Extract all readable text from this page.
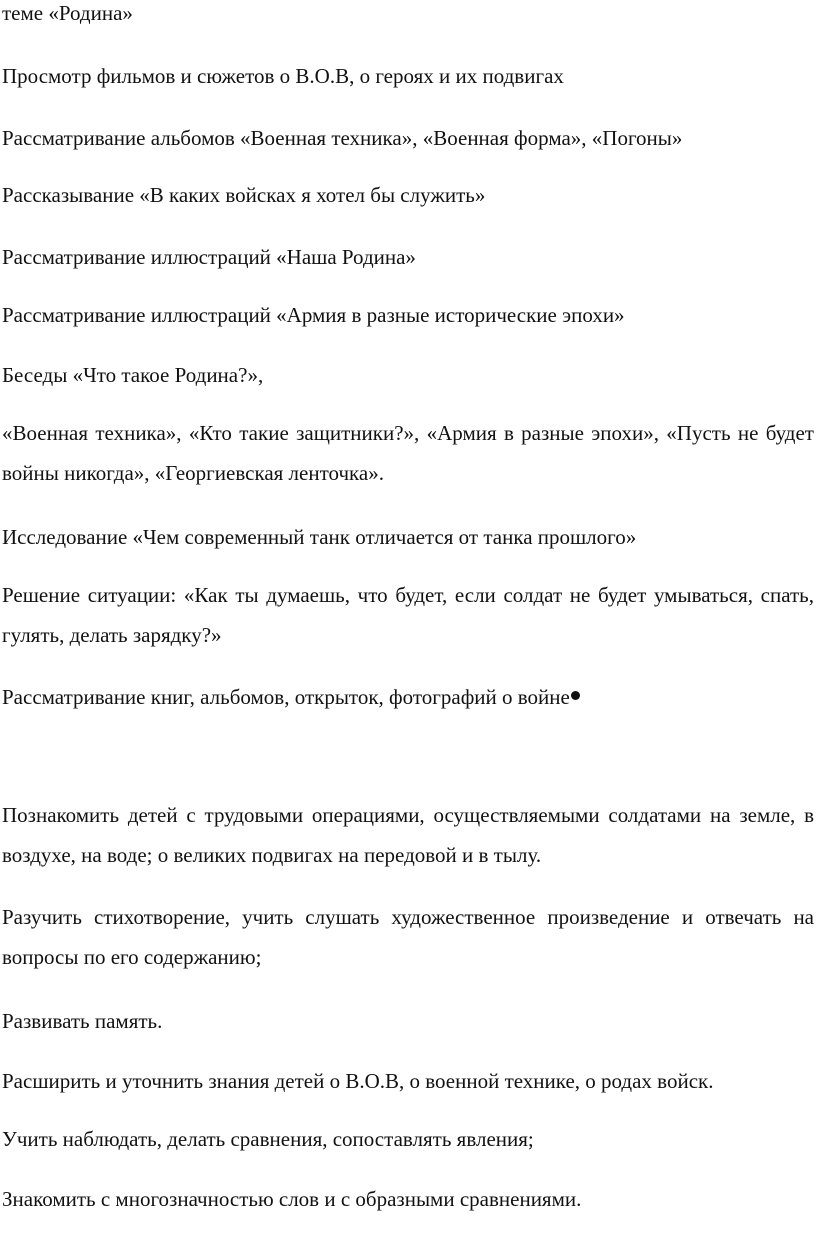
теме «Родина»

Просмотр фильмов и сюжетов о В.О.В, о героях и их подвигах

Рассматривание альбомов «Военная техника», «Военная форма», «Погоны»

Рассказывание «В каких войсках я хотел бы служить»

Рассматривание иллюстраций «Наша Родина»

Рассматривание иллюстраций «Армия в разные исторические эпохи»

Беседы «Что такое Родина?»,

«Военная техника», «Кто такие защитники?», «Армия в разные эпохи», «Пусть не будет войны никогда», «Георгиевская ленточка».

Исследование «Чем современный танк отличается от танка прошлого»

Решение ситуации: «Как ты думаешь, что будет, если солдат не будет умываться, спать, гулять, делать зарядку?»

Рассматривание книг, альбомов, открыток, фотографий о войне

Познакомить детей с трудовыми операциями, осуществляемыми солдатами на земле, в воздухе, на воде; о великих подвигах на передовой и в тылу.

Разучить стихотворение, учить слушать художественное произведение и отвечать на вопросы по его содержанию;

Развивать память.

Расширить и уточнить знания детей о В.О.В, о военной технике, о родах войск.

Учить наблюдать, делать сравнения, сопоставлять явления;

Знакомить с многозначностью слов и с образными сравнениями.
